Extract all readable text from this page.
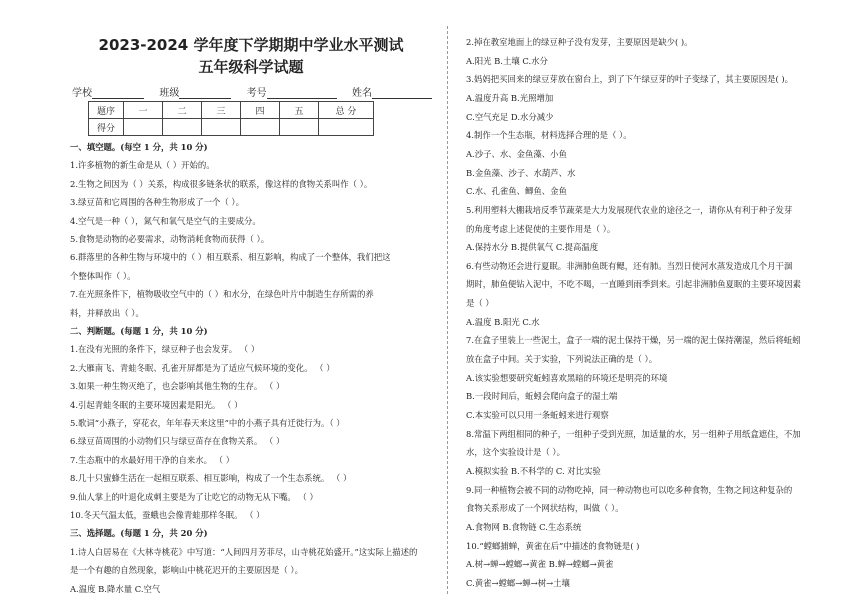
2023-2024 学年度下学期期中学业水平测试
五年级科学试题
学校	班级	考号	姓名
题序	一	二	三	四	五	总 分
得分						
一、填空题。(每空 1 分，共 10 分)
1.许多植物的新生命是从（ ）开始的。
2.生物之间因为（ ）关系，构成很多链条状的联系，像这样的食物关系叫作（ ）。
3.绿豆苗和它周围的各种生物形成了一个（ ）。
4.空气是一种（ ），氮气和氧气是空气的主要成分。
5.食物是动物的必要需求，动物消耗食物而获得（ ）。
6.群落里的各种生物与环境中的（ ）相互联系、相互影响，构成了一个整体，我们把这
个整体叫作（ ）。
7.在光照条件下，植物吸收空气中的（ ）和水分，在绿色叶片中制造生存所需的养
料，并释放出（ ）。
二、判断题。(每题 1 分，共 10 分)
1.在没有光照的条件下，绿豆种子也会发芽。 （ ）
2.大雁南飞、青蛙冬眠、孔雀开屏都是为了适应气候环境的变化。 （ ）
3.如果一种生物灭绝了，也会影响其他生物的生存。 （ ）
4.引起青蛙冬眠的主要环境因素是阳光。 （ ）
5.歌词“小燕子，穿花衣，年年春天来这里”中的小燕子具有迁徙行为。（ ）
6.绿豆苗周围的小动物们只与绿豆苗存在食物关系。 （ ）
7.生态瓶中的水最好用干净的自来水。 （ ）
8.几十只蜜蜂生活在一起相互联系、相互影响，构成了一个生态系统。 （ ）
9.仙人掌上的叶退化成刺主要是为了让吃它的动物无从下嘴。 （ ）
10.冬天气温太低，蚕蛾也会像青蛙那样冬眠。 （ ）
三、选择题。(每题 1 分，共 20 分)
1.诗人白居易在《大林寺桃花》中写道：“人间四月芳菲尽，山寺桃花始盛开。”这实际上描述的
是一个有趣的自然现象，影响山中桃花迟开的主要原因是（ ）。
A.温度 B.降水量 C.空气
2.掉在教室地面上的绿豆种子没有发芽，主要原因是缺少( )。
A.阳光 B.土壤 C.水分
3.妈妈把买回来的绿豆芽放在窗台上，到了下午绿豆芽的叶子变绿了，其主要原因是( )。
A.温度升高 B.光照增加
C.空气充足 D.水分减少
4.制作一个生态瓶，材料选择合理的是（ ）。
A.沙子、水、金鱼藻、小鱼
B.金鱼藻、沙子、水葫芦、水
C.水、孔雀鱼、鲫鱼、金鱼
5.利用塑料大棚栽培反季节蔬菜是大力发展现代农业的途径之一，请你从有利于种子发芽
的角度考虑上述促使的主要作用是（ ）。
A.保持水分 B.提供氧气 C.提高温度
6.有些动物还会进行夏眠。非洲肺鱼既有鳃，还有肺。当烈日使河水蒸发造成几个月干涸
期时，肺鱼便钻入泥中，不吃不喝，一直睡到雨季到来。引起非洲肺鱼夏眠的主要环境因素
是（ ）
A.温度 B.阳光 C.水
7.在盒子里装上一些泥土，盒子一端的泥土保持干燥，另一端的泥土保持潮湿，然后将蚯蚓
放在盒子中间。关于实验，下列说法正确的是（ ）。
A.该实验想要研究蚯蚓喜欢黑暗的环境还是明亮的环境
B.一段时间后，蚯蚓会爬向盒子的湿土端
C.本实验可以只用一条蚯蚓来进行观察
8.常温下两组相同的种子，一组种子受到光照，加适量的水，另一组种子用纸盒遮住，不加
水，这个实验设计是（ ）。
A.模拟实验 B.不科学的 C. 对比实验
9.同一种植物会被不同的动物吃掉，同一种动物也可以吃多种食物，生物之间这种复杂的
食物关系形成了一个网状结构，叫做（ ）。
A.食物网 B.食物链 C.生态系统
10.“螳螂捕蝉，黄雀在后”中描述的食物链是( )
A.树→蝉→螳螂→黄雀 B.蝉→螳螂→黄雀
C.黄雀→螳螂→蝉→树→土壤
